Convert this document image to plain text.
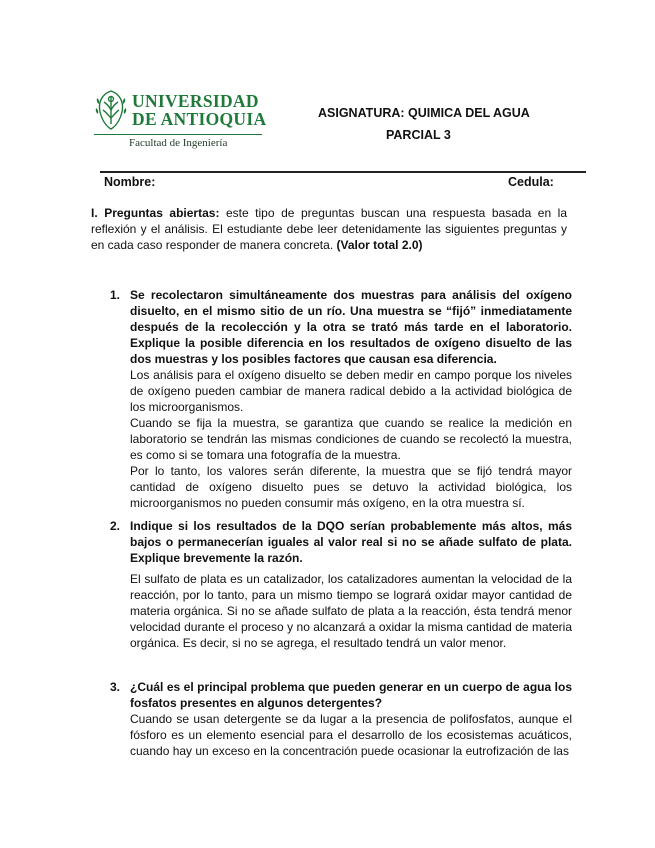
UNIVERSIDAD
DE ANTIOQUIA
Facultad de Ingeniería
ASIGNATURA: QUIMICA DEL AGUA
PARCIAL 3
Nombre:	Cedula:
I. Preguntas abiertas: este tipo de preguntas buscan una respuesta basada en la reflexión y el análisis. El estudiante debe leer detenidamente las siguientes preguntas y en cada caso responder de manera concreta. (Valor total 2.0)
1. Se recolectaron simultáneamente dos muestras para análisis del oxígeno disuelto, en el mismo sitio de un río. Una muestra se “fijó” inmediatamente después de la recolección y la otra se trató más tarde en el laboratorio. Explique la posible diferencia en los resultados de oxígeno disuelto de las dos muestras y los posibles factores que causan esa diferencia.

Los análisis para el oxígeno disuelto se deben medir en campo porque los niveles de oxígeno pueden cambiar de manera radical debido a la actividad biológica de los microorganismos.

Cuando se fija la muestra, se garantiza que cuando se realice la medición en laboratorio se tendrán las mismas condiciones de cuando se recolectó la muestra, es como si se tomara una fotografía de la muestra.

Por lo tanto, los valores serán diferente, la muestra que se fijó tendrá mayor cantidad de oxígeno disuelto pues se detuvo la actividad biológica, los microorganismos no pueden consumir más oxígeno, en la otra muestra sí.

2. Indique si los resultados de la DQO serían probablemente más altos, más bajos o permanecerían iguales al valor real si no se añade sulfato de plata. Explique brevemente la razón.

El sulfato de plata es un catalizador, los catalizadores aumentan la velocidad de la reacción, por lo tanto, para un mismo tiempo se logrará oxidar mayor cantidad de materia orgánica. Si no se añade sulfato de plata a la reacción, ésta tendrá menor velocidad durante el proceso y no alcanzará a oxidar la misma cantidad de materia orgánica. Es decir, si no se agrega, el resultado tendrá un valor menor.

3. ¿Cuál es el principal problema que pueden generar en un cuerpo de agua los fosfatos presentes en algunos detergentes?

Cuando se usan detergente se da lugar a la presencia de polifosfatos, aunque el fósforo es un elemento esencial para el desarrollo de los ecosistemas acuáticos, cuando hay un exceso en la concentración puede ocasionar la eutrofización de las
